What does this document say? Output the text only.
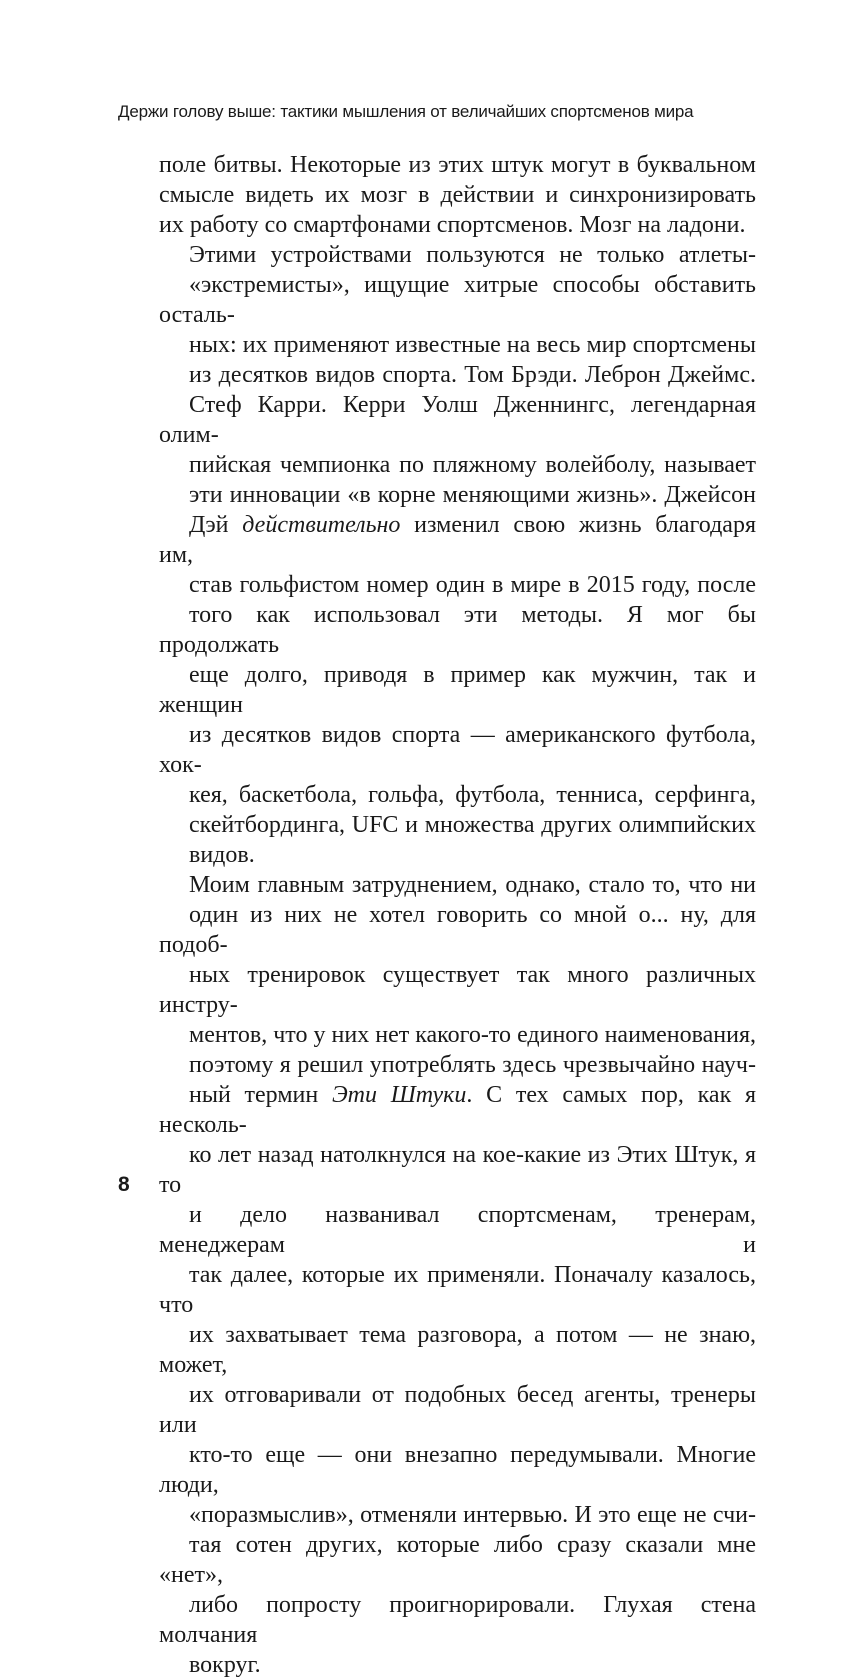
Держи голову выше: тактики мышления от величайших спортсменов мира

поле битвы. Некоторые из этих штук могут в буквальном
смысле видеть их мозг в действии и синхронизировать
их работу со смартфонами спортсменов. Мозг на ладони.

Этими устройствами пользуются не только атлеты-
«экстремисты», ищущие хитрые способы обставить осталь-
ных: их применяют известные на весь мир спортсмены
из десятков видов спорта. Том Брэди. Леброн Джеймс.
Стеф Карри. Керри Уолш Дженнингс, легендарная олим-
пийская чемпионка по пляжному волейболу, называет
эти инновации «в корне меняющими жизнь». Джейсон
Дэй действительно изменил свою жизнь благодаря им,
став гольфистом номер один в мире в 2015 году, после
того как использовал эти методы. Я мог бы продолжать
еще долго, приводя в пример как мужчин, так и женщин
из десятков видов спорта — американского футбола, хок-
кея, баскетбола, гольфа, футбола, тенниса, серфинга,
скейтбординга, UFC и множества других олимпийских
видов.

Моим главным затруднением, однако, стало то, что ни
один из них не хотел говорить со мной о... ну, для подоб-
ных тренировок существует так много различных инстру-
ментов, что у них нет какого-то единого наименования,
поэтому я решил употреблять здесь чрезвычайно науч-
ный термин Эти Штуки. С тех самых пор, как я несколь-
ко лет назад натолкнулся на кое-какие из Этих Штук, я то
и дело названивал спортсменам, тренерам, менеджерам и
так далее, которые их применяли. Поначалу казалось, что
их захватывает тема разговора, а потом — не знаю, может,
их отговаривали от подобных бесед агенты, тренеры или
кто-то еще — они внезапно передумывали. Многие люди,
«поразмыслив», отменяли интервью. И это еще не счи-
тая сотен других, которые либо сразу сказали мне «нет»,
либо попросту проигнорировали. Глухая стена молчания
вокруг.

8
